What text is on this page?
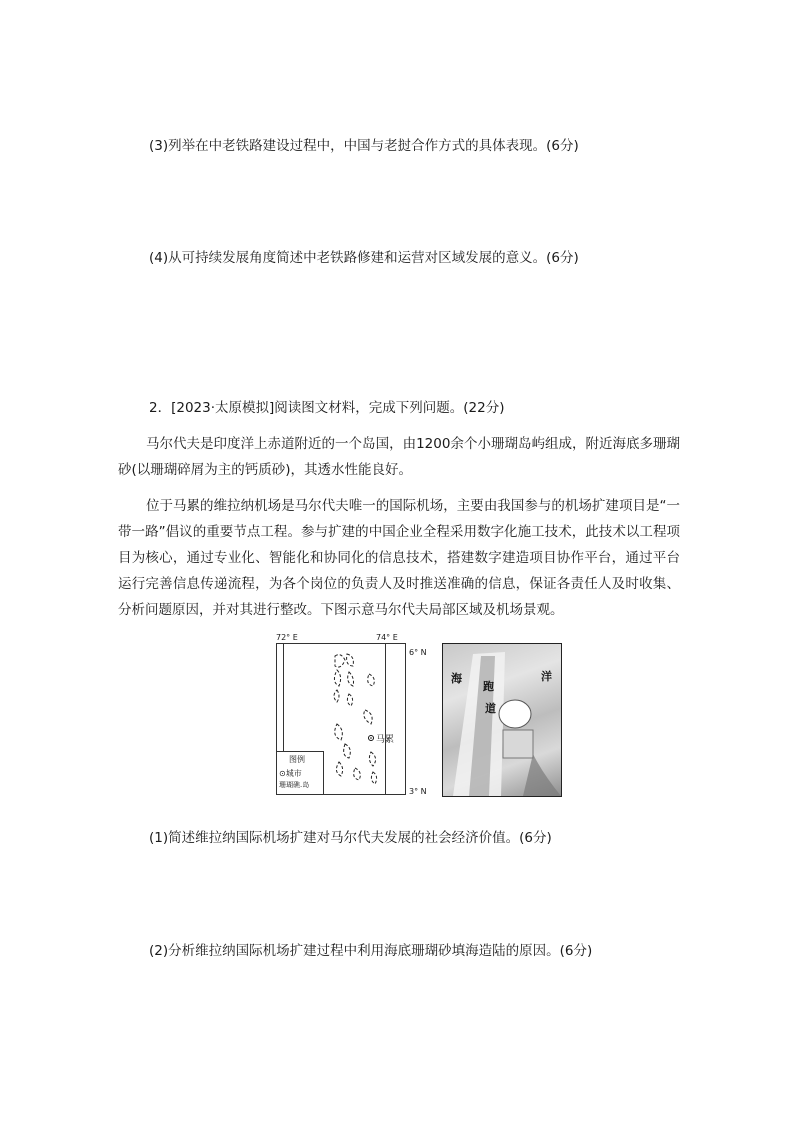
(3)列举在中老铁路建设过程中，中国与老挝合作方式的具体表现。(6分)
(4)从可持续发展角度简述中老铁路修建和运营对区域发展的意义。(6分)
2．[2023·太原模拟]阅读图文材料，完成下列问题。(22分)
马尔代夫是印度洋上赤道附近的一个岛国，由1200余个小珊瑚岛屿组成，附近海底多珊瑚砂(以珊瑚碎屑为主的钙质砂)，其透水性能良好。
位于马累的维拉纳机场是马尔代夫唯一的国际机场，主要由我国参与的机场扩建项目是“一带一路”倡议的重要节点工程。参与扩建的中国企业全程采用数字化施工技术，此技术以工程项目为核心，通过专业化、智能化和协同化的信息技术，搭建数字建造项目协作平台，通过平台运行完善信息传递流程，为各个岗位的负责人及时推送准确的信息，保证各责任人及时收集、分析问题原因，并对其进行整改。下图示意马尔代夫局部区域及机场景观。
马累
图例
⊙城市
珊瑚礁.岛
72° E	74° E
6° N
3° N
海	洋
跑
道
(1)简述维拉纳国际机场扩建对马尔代夫发展的社会经济价值。(6分)
(2)分析维拉纳国际机场扩建过程中利用海底珊瑚砂填海造陆的原因。(6分)
